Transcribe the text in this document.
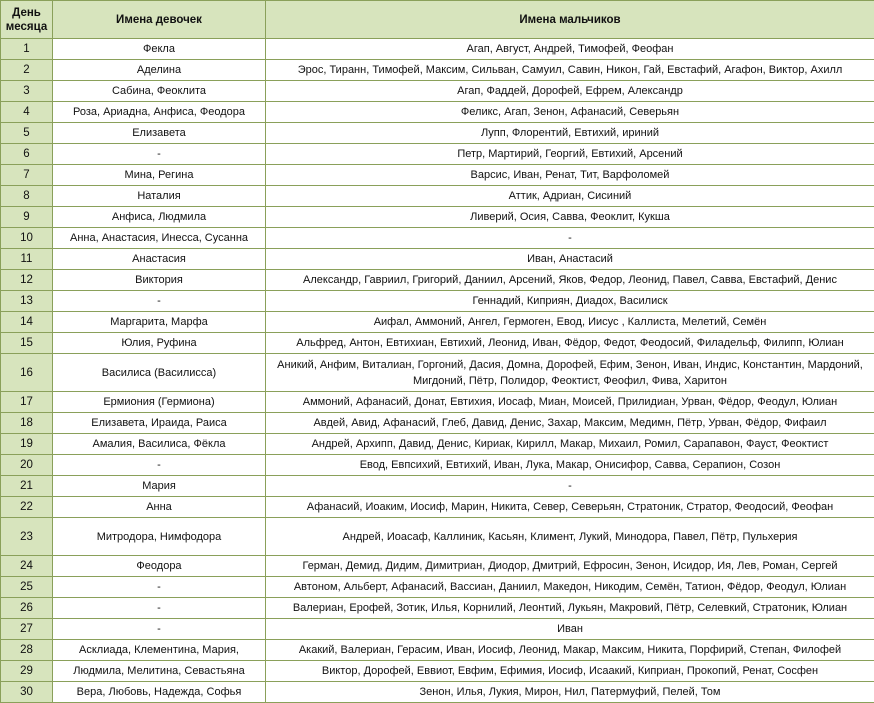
День месяца	Имена девочек	Имена мальчиков
1	Фекла	Агап, Август, Андрей, Тимофей, Феофан
2	Аделина	Эрос, Тиранн, Тимофей, Максим, Сильван, Самуил, Савин, Никон, Гай, Евстафий, Агафон, Виктор, Ахилл
3	Сабина, Феоклита	Агап, Фаддей, Дорофей, Ефрем, Александр
4	Роза, Ариадна, Анфиса, Феодора	Феликс, Агап, Зенон, Афанасий, Северьян
5	Елизавета	Лупп, Флорентий, Евтихий, ириний
6	-	Петр, Мартирий, Георгий, Евтихий, Арсений
7	Мина, Регина	Варсис, Иван, Ренат, Тит, Варфоломей
8	Наталия	Аттик, Адриан, Сисиний
9	Анфиса, Людмила	Ливерий, Осия, Савва, Феоклит, Кукша
10	Анна, Анастасия, Инесса, Сусанна	-
11	Анастасия	Иван, Анастасий
12	Виктория	Александр, Гавриил, Григорий, Даниил, Арсений, Яков, Федор, Леонид, Павел, Савва, Евстафий, Денис
13	-	Геннадий, Киприян, Диадох, Василиск
14	Маргарита, Марфа	Аифал, Аммоний, Ангел, Гермоген, Евод, Иисус , Каллиста, Мелетий, Семён
15	Юлия, Руфина	Альфред, Антон, Евтихиан, Евтихий, Леонид, Иван, Фёдор, Федот, Феодосий, Филадельф, Филипп, Юлиан
16	Василиса (Василисса)	Аникий, Анфим, Виталиан, Горгоний, Дасия, Домна, Дорофей, Ефим, Зенон, Иван, Индис, Константин, Мардоний, Мигдоний, Пётр, Полидор, Феоктист, Феофил, Фива, Харитон
17	Ермиония (Гермиона)	Аммоний, Афанасий, Донат, Евтихия, Иосаф, Миан, Моисей, Прилидиан, Урван, Фёдор, Феодул, Юлиан
18	Елизавета, Ираида, Раиса	Авдей, Авид, Афанасий, Глеб, Давид, Денис, Захар, Максим, Медимн, Пётр, Урван, Фёдор, Фифаил
19	Амалия, Василиса, Фёкла	Андрей, Архипп, Давид, Денис, Кириак, Кирилл, Макар, Михаил, Ромил, Сарапавон, Фауст, Феоктист
20	-	Евод, Евпсихий, Евтихий, Иван, Лука, Макар, Онисифор, Савва, Серапион, Созон
21	Мария	-
22	Анна	Афанасий, Иоаким, Иосиф, Марин, Никита, Север, Северьян, Стратоник, Стратор, Феодосий, Феофан
23	Митродора, Нимфодора	Андрей, Иоасаф, Каллиник, Касьян, Климент, Лукий, Минодора, Павел, Пётр, Пульхерия
24	Феодора	Герман, Демид, Дидим, Димитриан, Диодор, Дмитрий, Ефросин, Зенон, Исидор, Ия, Лев, Роман, Сергей
25	-	Автоном, Альберт, Афанасий, Вассиан, Даниил, Македон, Никодим, Семён, Татион, Фёдор, Феодул, Юлиан
26	-	Валериан, Ерофей, Зотик, Илья, Корнилий, Леонтий, Лукьян, Макровий, Пётр, Селевкий, Стратоник, Юлиан
27	-	Иван
28	Асклиада, Клементина, Мария,	Акакий, Валериан, Герасим, Иван, Иосиф, Леонид, Макар, Максим, Никита, Порфирий, Степан, Филофей
29	Людмила, Мелитина, Севастьяна	Виктор, Дорофей, Еввиот, Евфим, Ефимия, Иосиф, Исаакий, Киприан, Прокопий, Ренат, Сосфен
30	Вера, Любовь, Надежда, Софья	Зенон, Илья, Лукия, Мирон, Нил, Патермуфий, Пелей, Том
